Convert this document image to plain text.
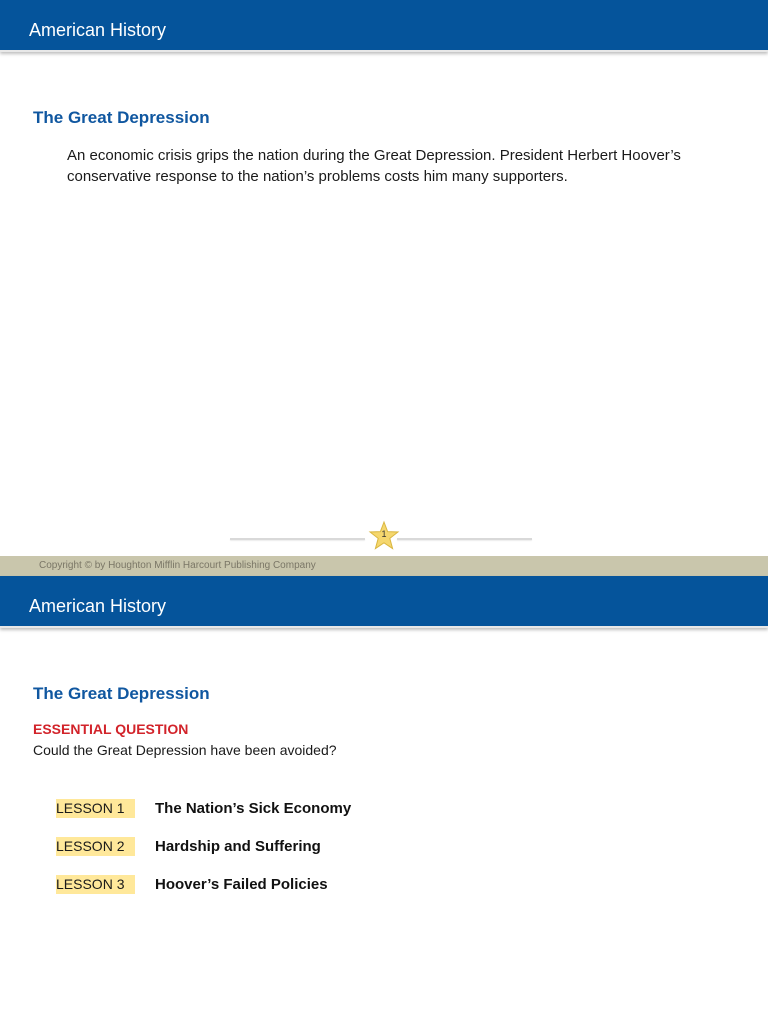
American History
The Great Depression
An economic crisis grips the nation during the Great Depression. President Herbert Hoover’s conservative response to the nation’s problems costs him many supporters.
1
Copyright © by Houghton Mifflin Harcourt Publishing Company
American History
The Great Depression
ESSENTIAL QUESTION
Could the Great Depression have been avoided?
LESSON 1 The Nation’s Sick Economy
LESSON 2 Hardship and Suffering
LESSON 3 Hoover’s Failed Policies
